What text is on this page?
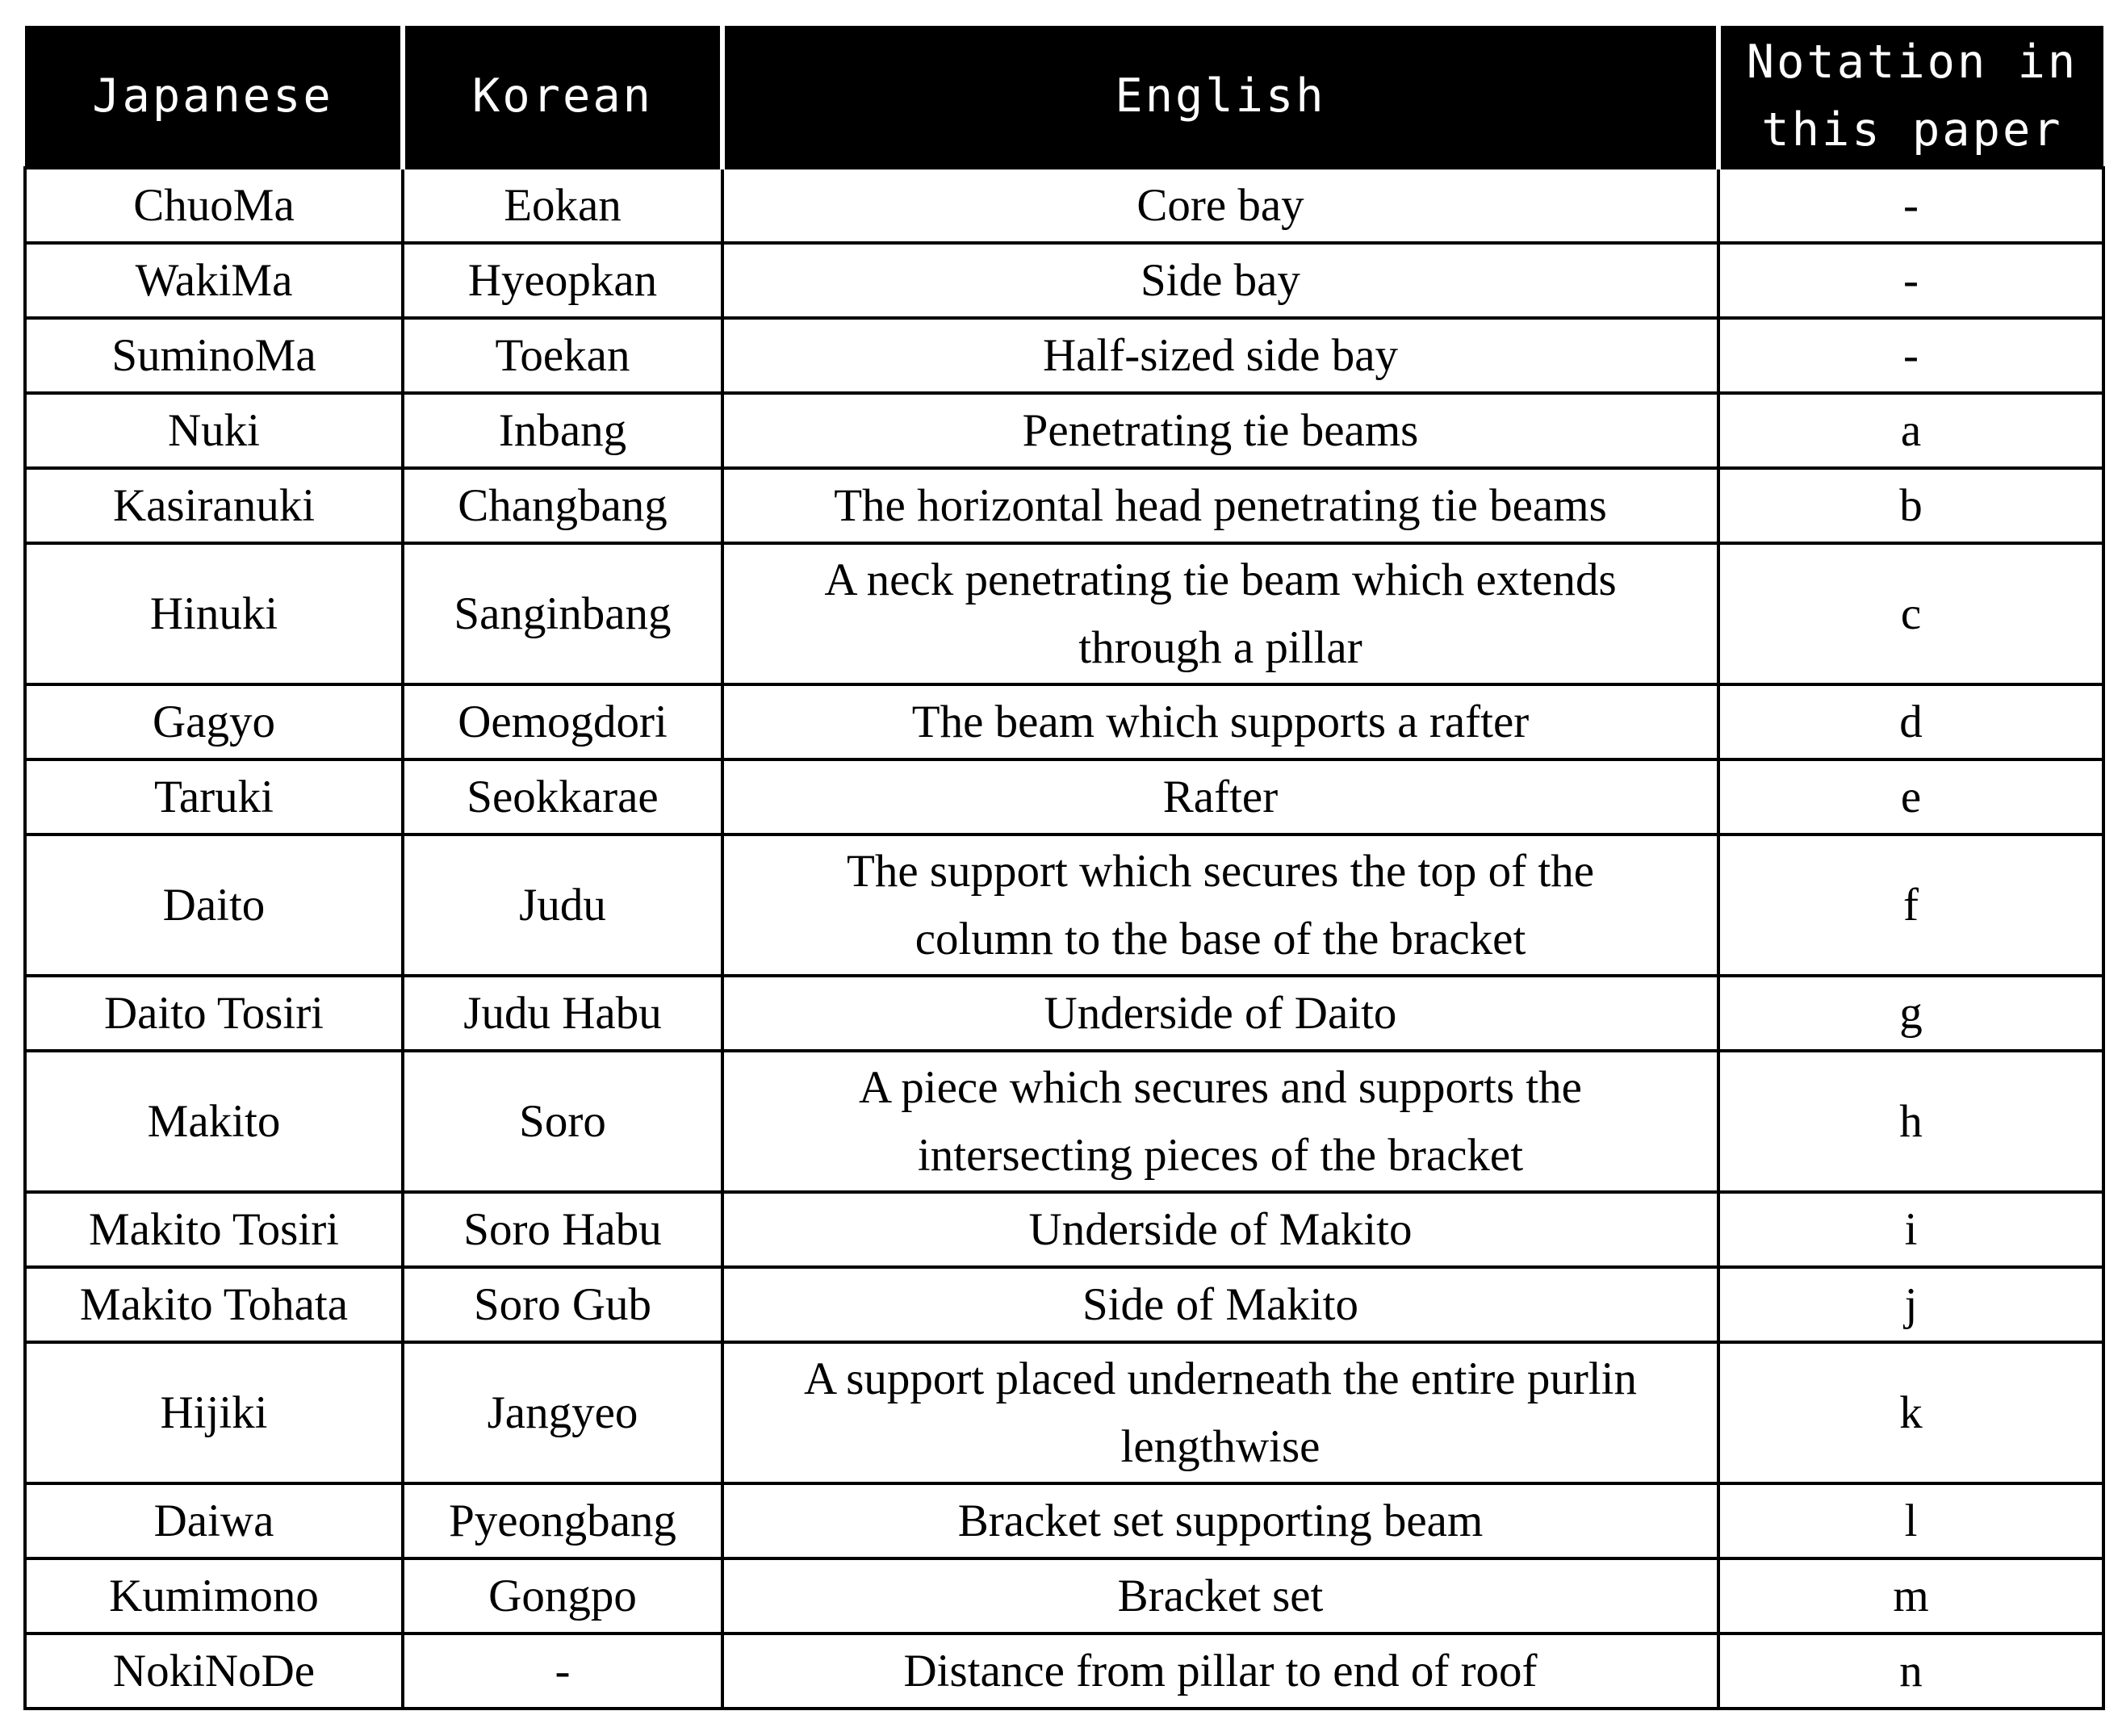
Japanese	Korean	English	Notation in
this paper
ChuoMa	Eokan	Core bay	-
WakiMa	Hyeopkan	Side bay	-
SuminoMa	Toekan	Half-sized side bay	-
Nuki	Inbang	Penetrating tie beams	a
Kasiranuki	Changbang	The horizontal head penetrating tie beams	b
Hinuki	Sanginbang	A neck penetrating tie beam which extends
through a pillar	c
Gagyo	Oemogdori	The beam which supports a rafter	d
Taruki	Seokkarae	Rafter	e
Daito	Judu	The support which secures the top of the
column to the base of the bracket	f
Daito Tosiri	Judu Habu	Underside of Daito	g
Makito	Soro	A piece which secures and supports the
intersecting pieces of the bracket	h
Makito Tosiri	Soro Habu	Underside of Makito	i
Makito Tohata	Soro Gub	Side of Makito	j
Hijiki	Jangyeo	A support placed underneath the entire purlin
lengthwise	k
Daiwa	Pyeongbang	Bracket set supporting beam	l
Kumimono	Gongpo	Bracket set	m
NokiNoDe	-	Distance from pillar to end of roof	n
